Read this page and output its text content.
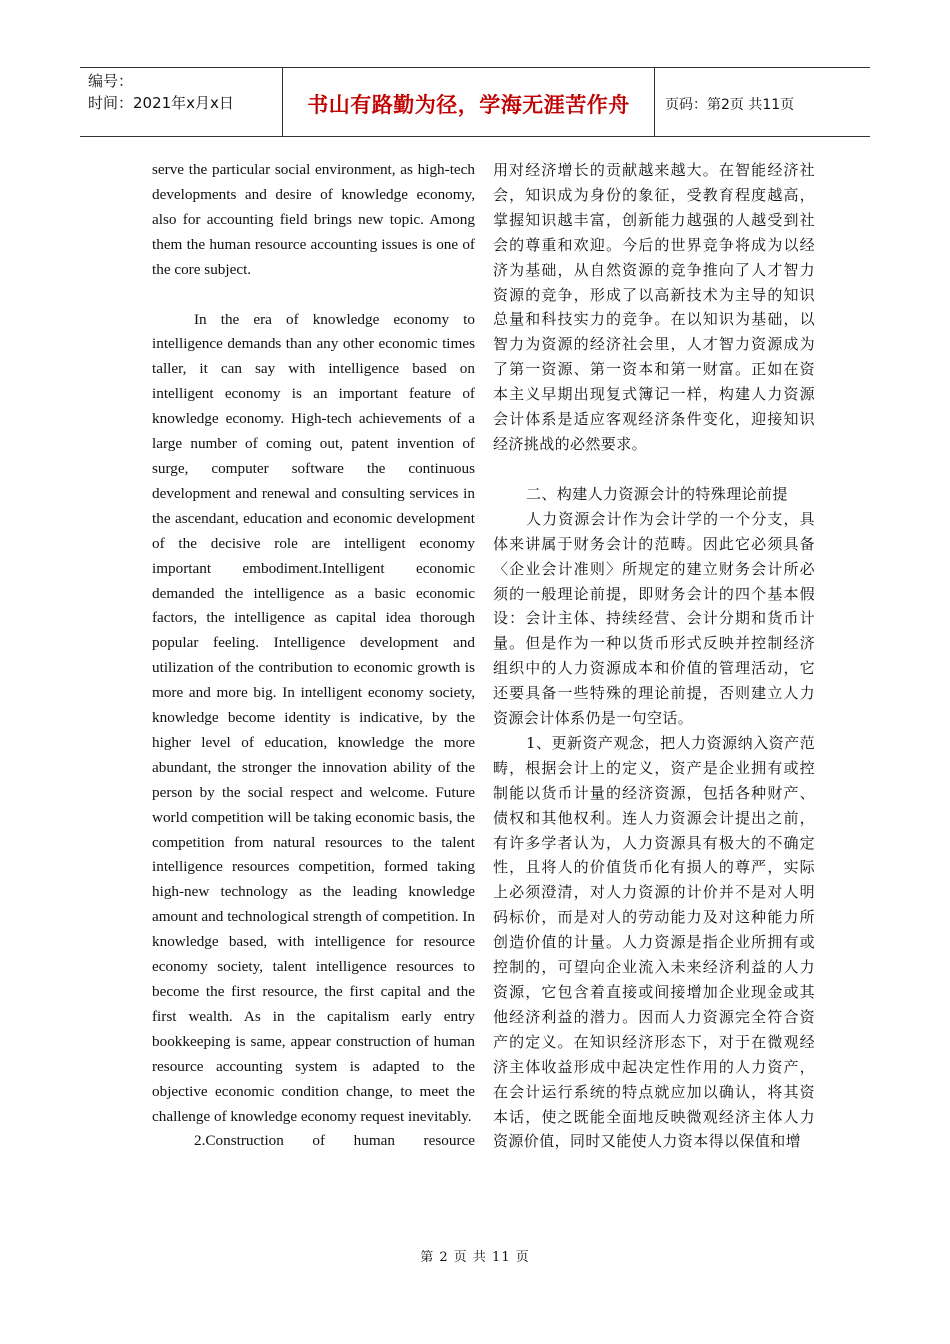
编号：
时间：2021年x月x日	书山有路勤为径，学海无涯苦作舟	页码：第2页 共11页

serve the particular social environment, as high-tech developments and desire of knowledge economy, also for accounting field brings new topic. Among them the human resource accounting issues is one of the core subject.

In the era of knowledge economy to intelligence demands than any other economic times taller, it can say with intelligence based on intelligent economy is an important feature of knowledge economy. High-tech achievements of a large number of coming out, patent invention of surge, computer software the continuous development and renewal and consulting services in the ascendant, education and economic development of the decisive role are intelligent economy important embodiment.Intelligent economic demanded the intelligence as a basic economic factors, the intelligence as capital idea thorough popular feeling. Intelligence development and utilization of the contribution to economic growth is more and more big. In intelligent economy society, knowledge become identity is indicative, by the higher level of education, knowledge the more abundant, the stronger the innovation ability of the person by the social respect and welcome. Future world competition will be taking economic basis, the competition from natural resources to the talent intelligence resources competition, formed taking high-new technology as the leading knowledge amount and technological strength of competition. In knowledge based, with intelligence for resource economy society, talent intelligence resources to become the first resource, the first capital and the first wealth. As in the capitalism early entry bookkeeping is same, appear construction of human resource accounting system is adapted to the objective economic condition change, to meet the challenge of knowledge economy request inevitably.

2.Construction of human resource

用对经济增长的贡献越来越大。在智能经济社会，知识成为身份的象征，受教育程度越高，掌握知识越丰富，创新能力越强的人越受到社会的尊重和欢迎。今后的世界竞争将成为以经济为基础，从自然资源的竞争推向了人才智力资源的竞争，形成了以高新技术为主导的知识总量和科技实力的竞争。在以知识为基础，以智力为资源的经济社会里，人才智力资源成为了第一资源、第一资本和第一财富。正如在资本主义早期出现复式簿记一样，构建人力资源会计体系是适应客观经济条件变化，迎接知识经济挑战的必然要求。

二、构建人力资源会计的特殊理论前提

人力资源会计作为会计学的一个分支，具体来讲属于财务会计的范畴。因此它必须具备〈企业会计准则〉所规定的建立财务会计所必须的一般理论前提，即财务会计的四个基本假设：会计主体、持续经营、会计分期和货币计量。但是作为一种以货币形式反映并控制经济组织中的人力资源成本和价值的管理活动，它还要具备一些特殊的理论前提，否则建立人力资源会计体系仍是一句空话。

1、更新资产观念，把人力资源纳入资产范畴，根据会计上的定义，资产是企业拥有或控制能以货币计量的经济资源，包括各种财产、债权和其他权利。连人力资源会计提出之前，有许多学者认为，人力资源具有极大的不确定性，且将人的价值货币化有损人的尊严，实际上必须澄清，对人力资源的计价并不是对人明码标价，而是对人的劳动能力及对这种能力所创造价值的计量。人力资源是指企业所拥有或控制的，可望向企业流入未来经济利益的人力资源，它包含着直接或间接增加企业现金或其他经济利益的潜力。因而人力资源完全符合资产的定义。在知识经济形态下，对于在微观经济主体收益形成中起决定性作用的人力资产，在会计运行系统的特点就应加以确认，将其资本话，使之既能全面地反映微观经济主体人力资源价值，同时又能使人力资本得以保值和增

第 2 页 共 11 页
